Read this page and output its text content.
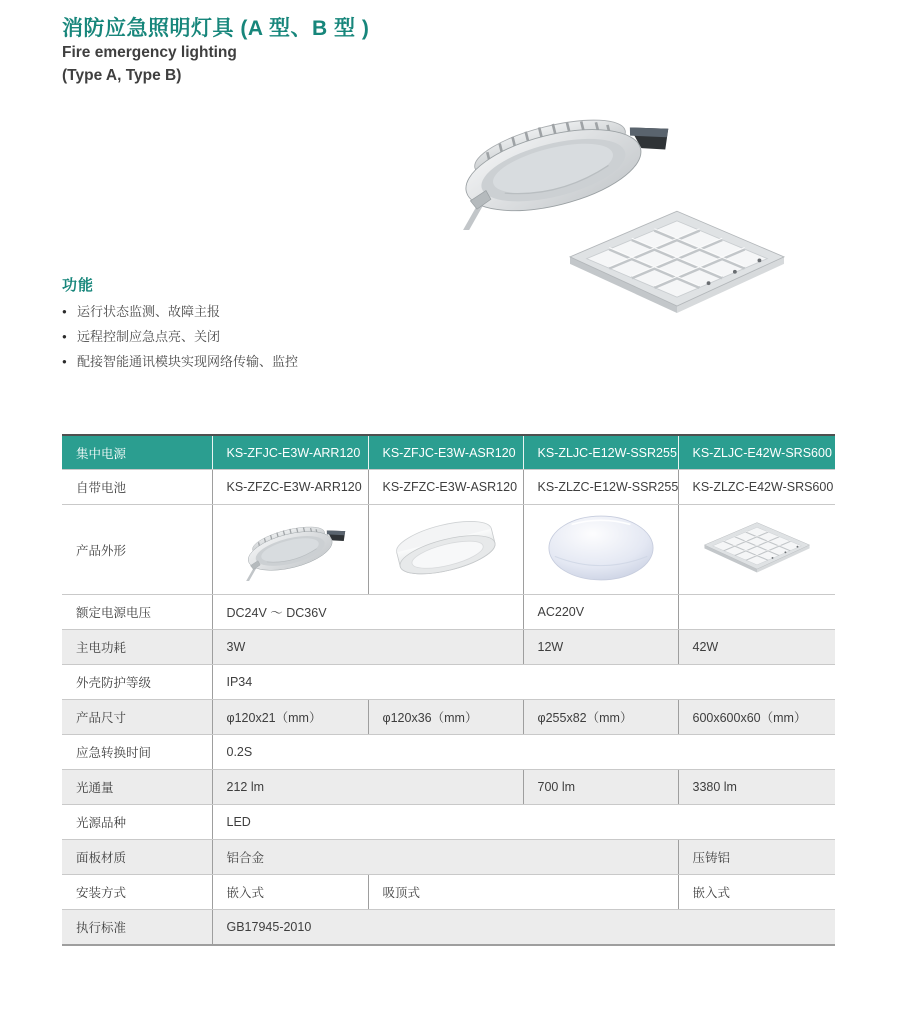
消防应急照明灯具 (A 型、B 型 )
Fire emergency lighting
(Type A, Type B)
功能
● 运行状态监测、故障主报
● 远程控制应急点亮、关闭
● 配接智能通讯模块实现网络传输、监控
集中电源	KS-ZFJC-E3W-ARR120	KS-ZFJC-E3W-ASR120	KS-ZLJC-E12W-SSR255	KS-ZLJC-E42W-SRS600
自带电池	KS-ZFZC-E3W-ARR120	KS-ZFZC-E3W-ASR120	KS-ZLZC-E12W-SSR255	KS-ZLZC-E42W-SRS600
产品外形				
额定电源电压	DC24V ～ DC36V		AC220V	
主电功耗	3W		12W	42W
外壳防护等级	IP34			
产品尺寸	φ120x21（mm）	φ120x36（mm）	φ255x82（mm）	600x600x60（mm）
应急转换时间	0.2S			
光通量	212 lm		700 lm	3380 lm
光源品种	LED			
面板材质	铝合金			压铸铝
安装方式	嵌入式	吸顶式		嵌入式
执行标准	GB17945-2010			
